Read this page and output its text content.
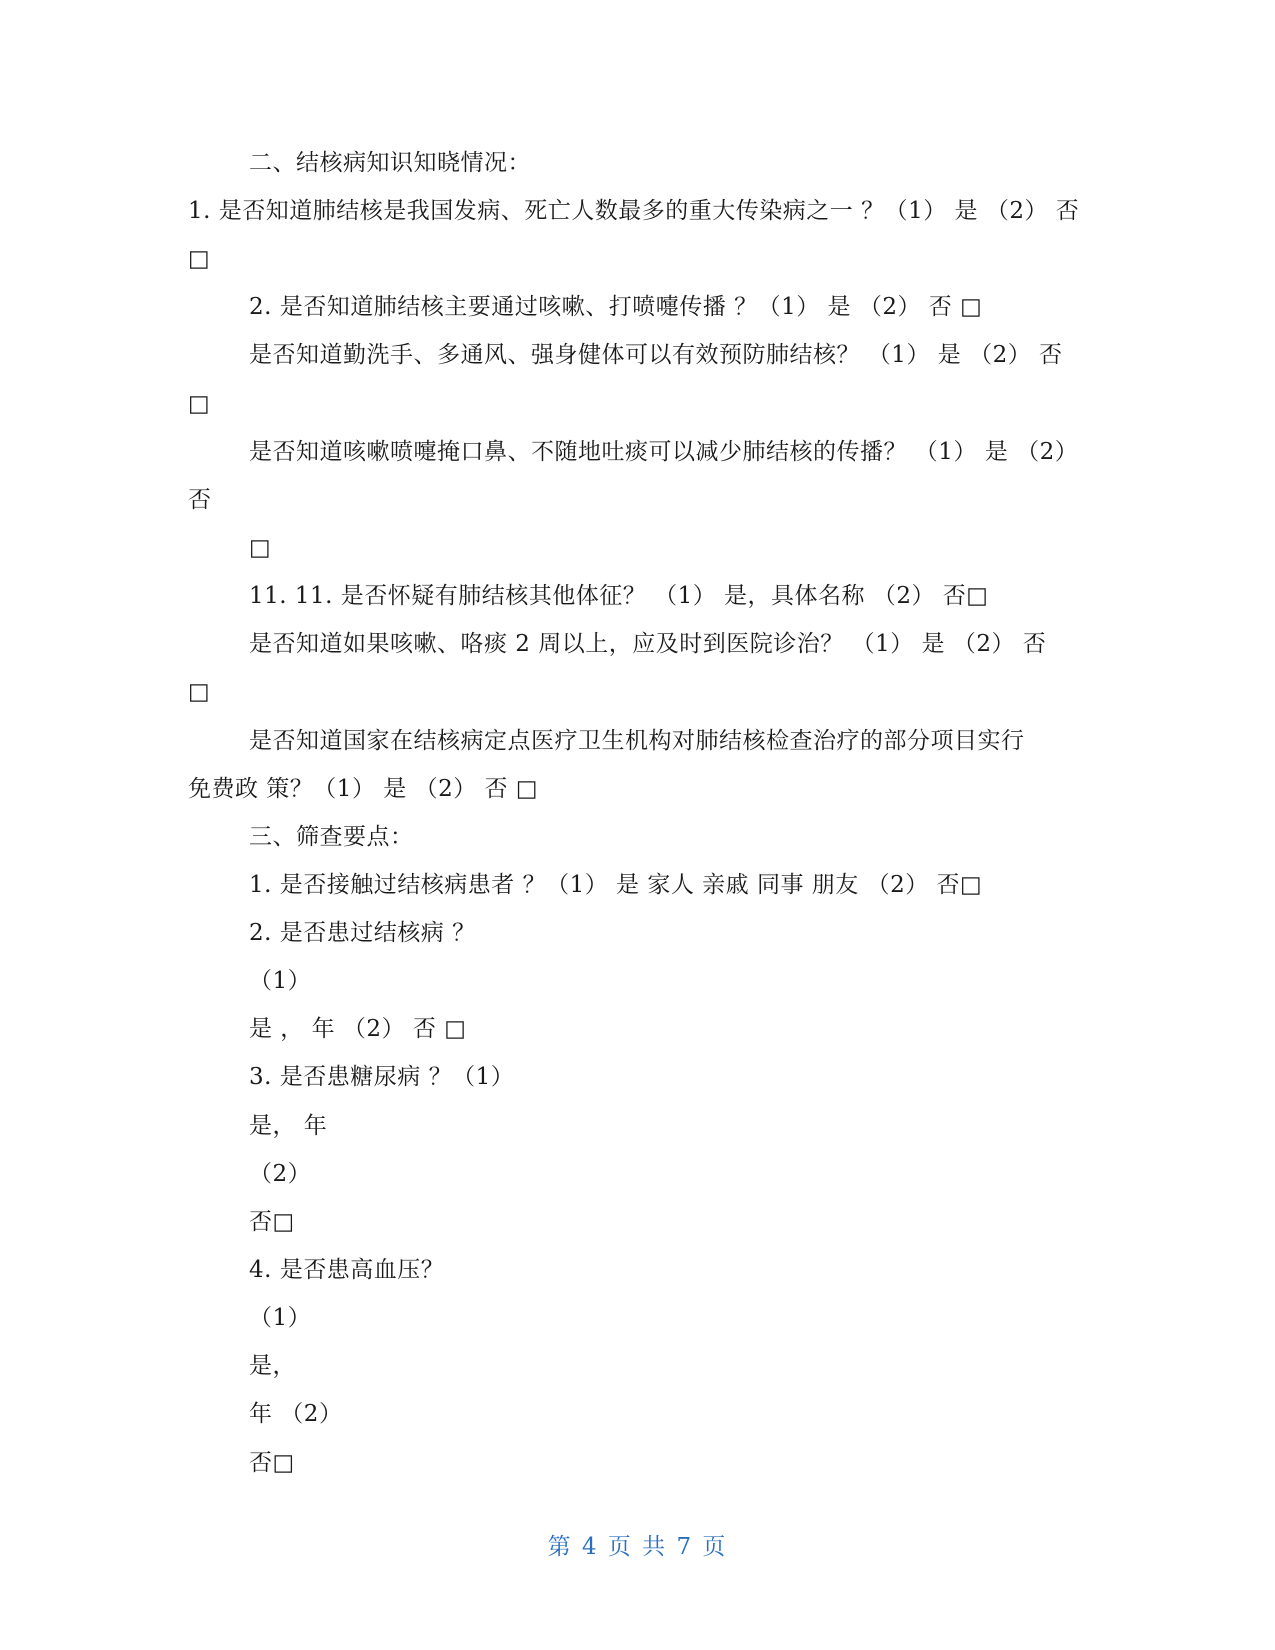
二、结核病知识知晓情况：
1. 是否知道肺结核是我国发病、死亡人数最多的重大传染病之一 ？（1） 是 （2） 否
□
2. 是否知道肺结核主要通过咳嗽、打喷嚏传播 ？（1） 是 （2） 否 □
是否知道勤洗手、多通风、强身健体可以有效预防肺结核？ （1） 是 （2） 否
□
是否知道咳嗽喷嚏掩口鼻、不随地吐痰可以减少肺结核的传播？ （1） 是 （2）
否
□
11. 11. 是否怀疑有肺结核其他体征？ （1） 是，具体名称 （2） 否□
是否知道如果咳嗽、咯痰 2 周以上，应及时到医院诊治？ （1） 是 （2） 否
□
是否知道国家在结核病定点医疗卫生机构对肺结核检查治疗的部分项目实行
免费政 策？（1） 是 （2） 否 □
三、筛查要点：
1. 是否接触过结核病患者 ？（1） 是 家人 亲戚 同事 朋友 （2） 否□
2. 是否患过结核病 ？
（1）
是 ， 年 （2） 否 □
3. 是否患糖尿病 ？（1）
是， 年
（2）
否□
4. 是否患高血压？
（1）
是，
年 （2）
否□
第 4 页 共 7 页
